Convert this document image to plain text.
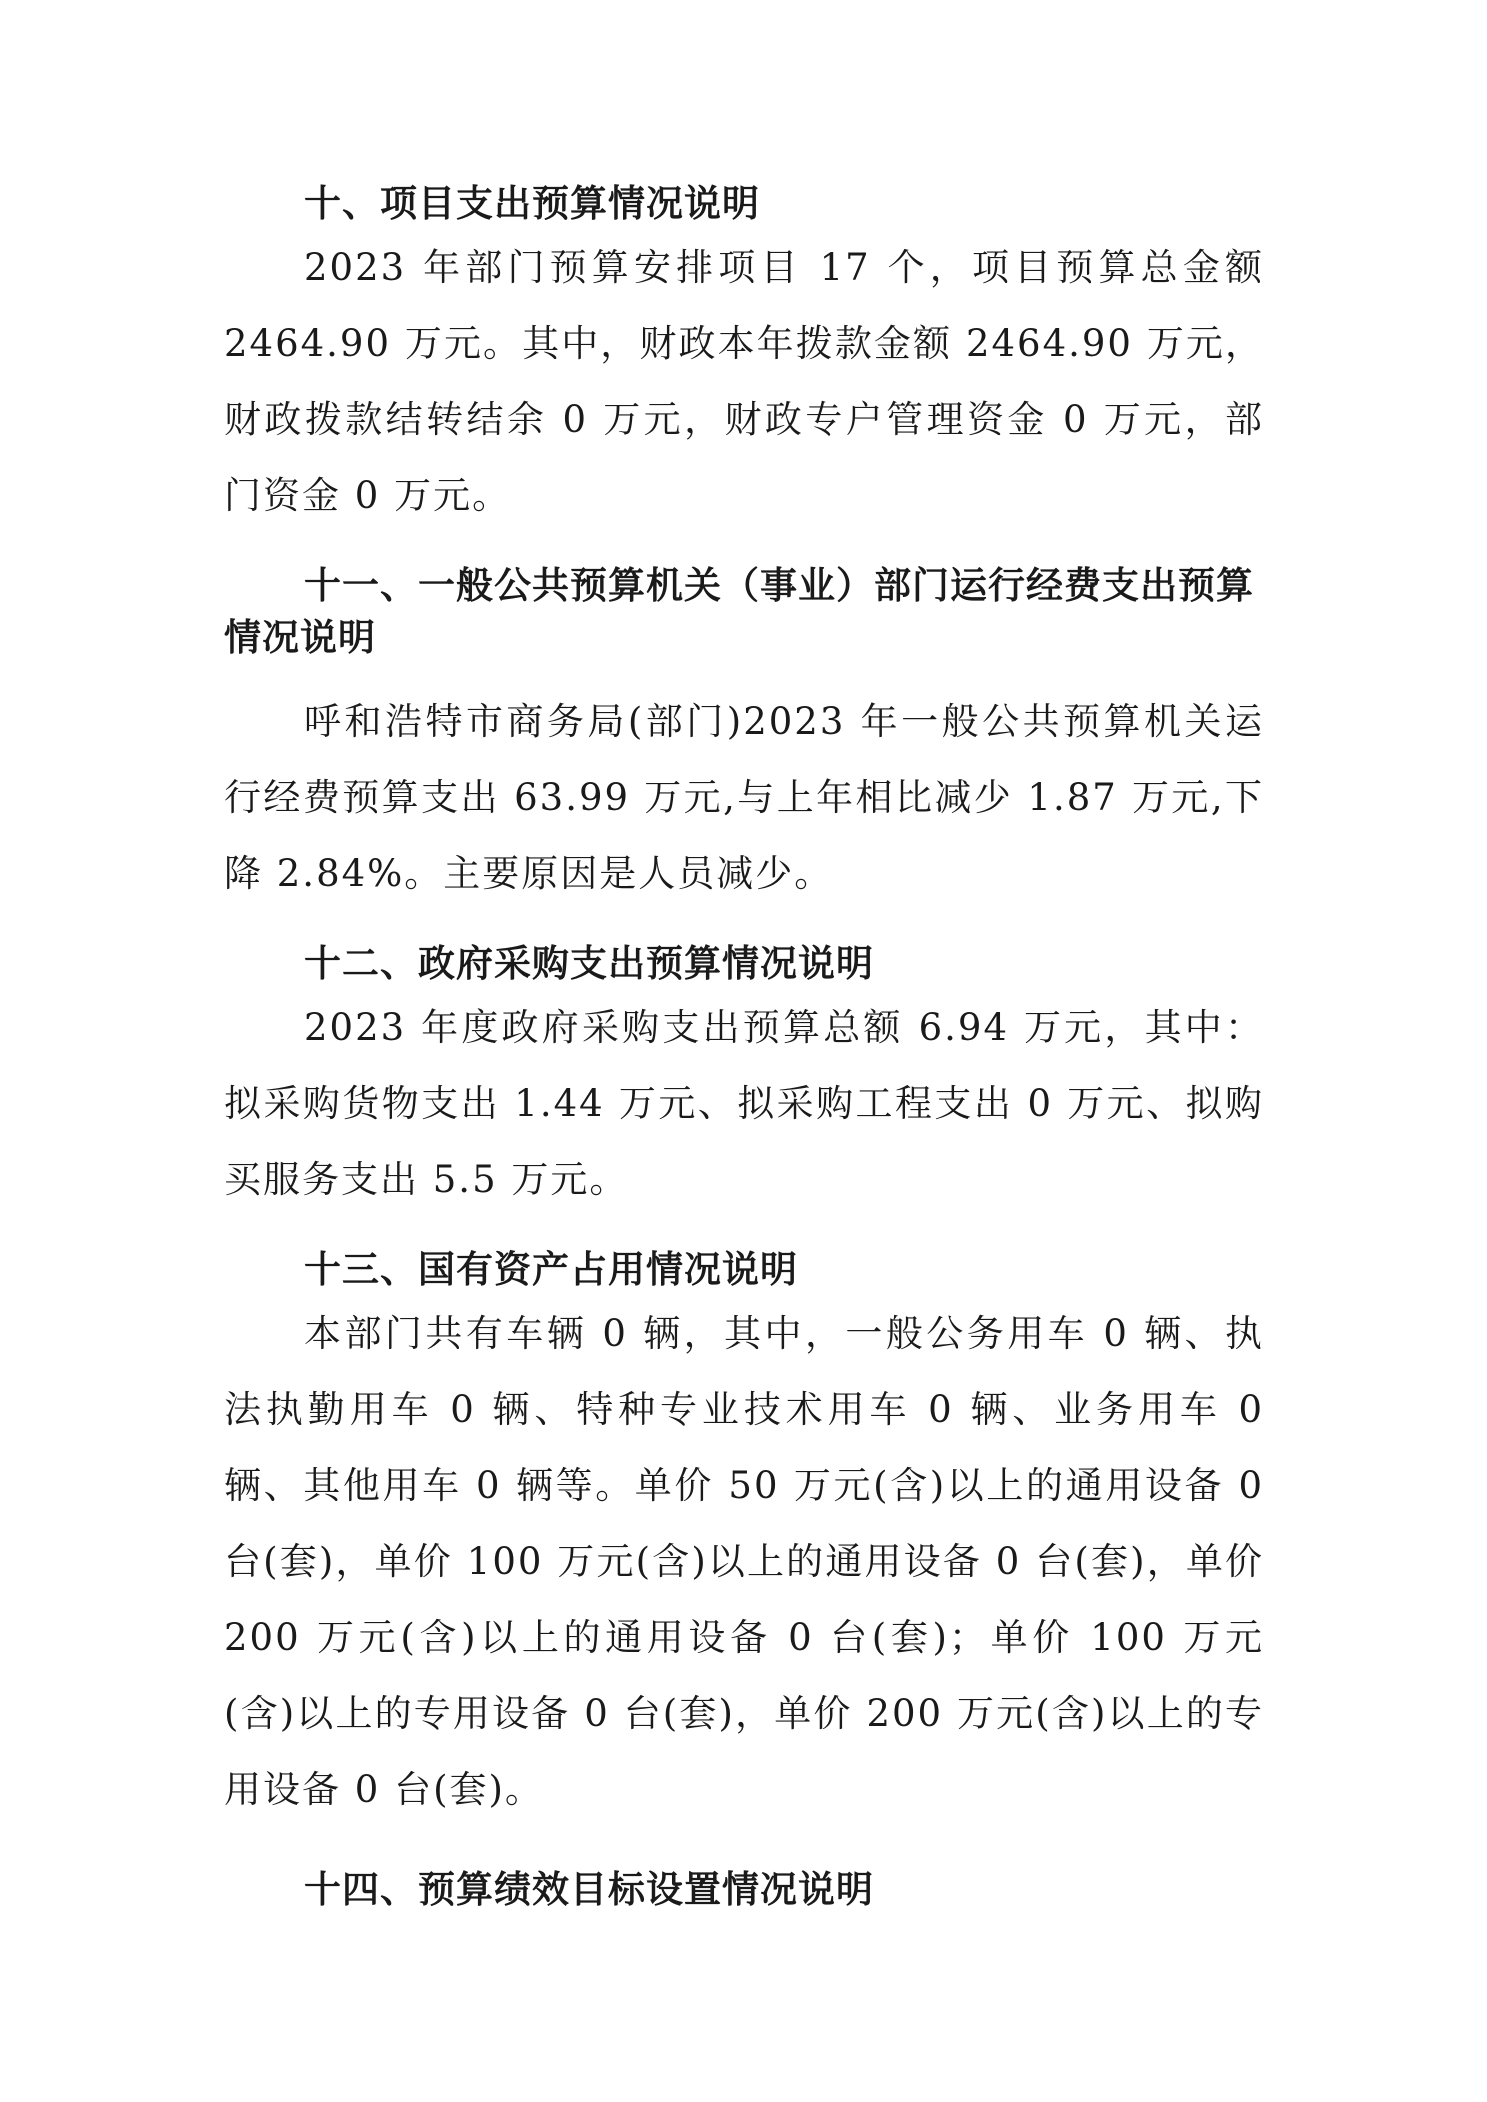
十、项目支出预算情况说明

2023 年部门预算安排项目 17 个，项目预算总金额 2464.90 万元。其中，财政本年拨款金额 2464.90 万元，财政拨款结转结余 0 万元，财政专户管理资金 0 万元，部门资金 0 万元。

十一、一般公共预算机关（事业）部门运行经费支出预算情况说明

呼和浩特市商务局(部门)2023 年一般公共预算机关运行经费预算支出 63.99 万元,与上年相比减少 1.87 万元,下降 2.84%。主要原因是人员减少。

十二、政府采购支出预算情况说明

2023 年度政府采购支出预算总额 6.94 万元，其中：拟采购货物支出 1.44 万元、拟采购工程支出 0 万元、拟购买服务支出 5.5 万元。

十三、国有资产占用情况说明

本部门共有车辆 0 辆，其中，一般公务用车 0 辆、执法执勤用车 0 辆、特种专业技术用车 0 辆、业务用车 0 辆、其他用车 0 辆等。单价 50 万元(含)以上的通用设备 0 台(套)，单价 100 万元(含)以上的通用设备 0 台(套)，单价 200 万元(含)以上的通用设备 0 台(套)；单价 100 万元(含)以上的专用设备 0 台(套)，单价 200 万元(含)以上的专用设备 0 台(套)。

十四、预算绩效目标设置情况说明
